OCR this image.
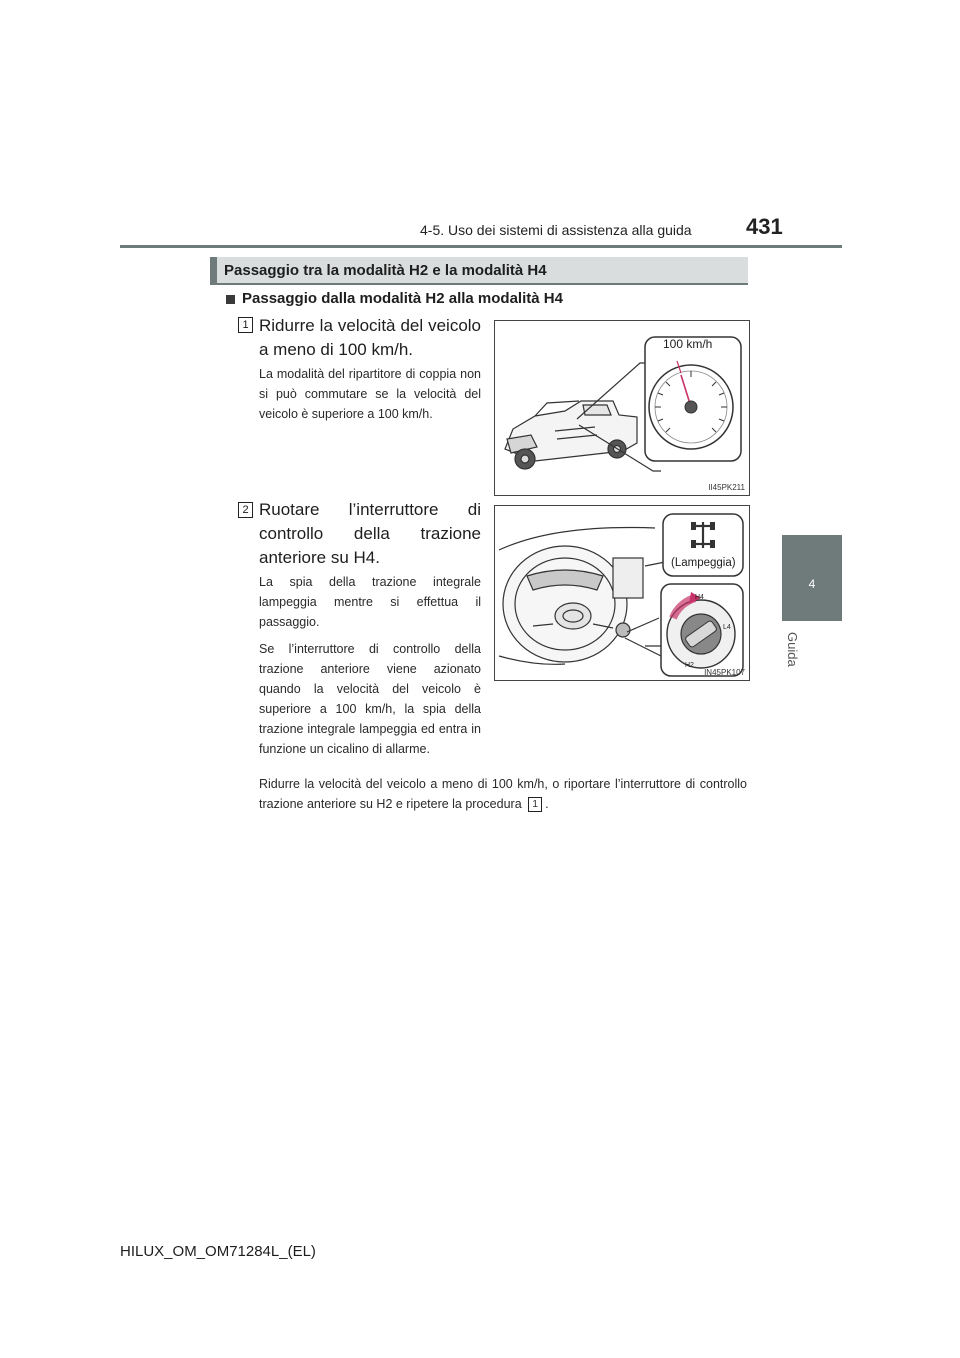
4-5. Uso dei sistemi di assistenza alla guida 431
4
Guida
Passaggio tra la modalità H2 e la modalità H4
Passaggio dalla modalità H2 alla modalità H4
1 Ridurre la velocità del veicolo a meno di 100 km/h.

La modalità del ripartitore di coppia non si può commutare se la velocità del veicolo è superiore a 100 km/h.

100 km/h
II45PK211
2 Ruotare l’interruttore di controllo della trazione anteriore su H4.

La spia della trazione integrale lampeggia mentre si effettua il passaggio.

Se l’interruttore di controllo della trazione anteriore viene azionato quando la velocità del veicolo è superiore a 100 km/h, la spia della trazione integrale lampeggia ed entra in funzione un cicalino di allarme.

(Lampeggia)
H2
H4
L4
IN45PK107
Ridurre la velocità del veicolo a meno di 100 km/h, o riportare l’interruttore di controllo trazione anteriore su H2 e ripetere la procedura 1 .
HILUX_OM_OM71284L_(EL)
